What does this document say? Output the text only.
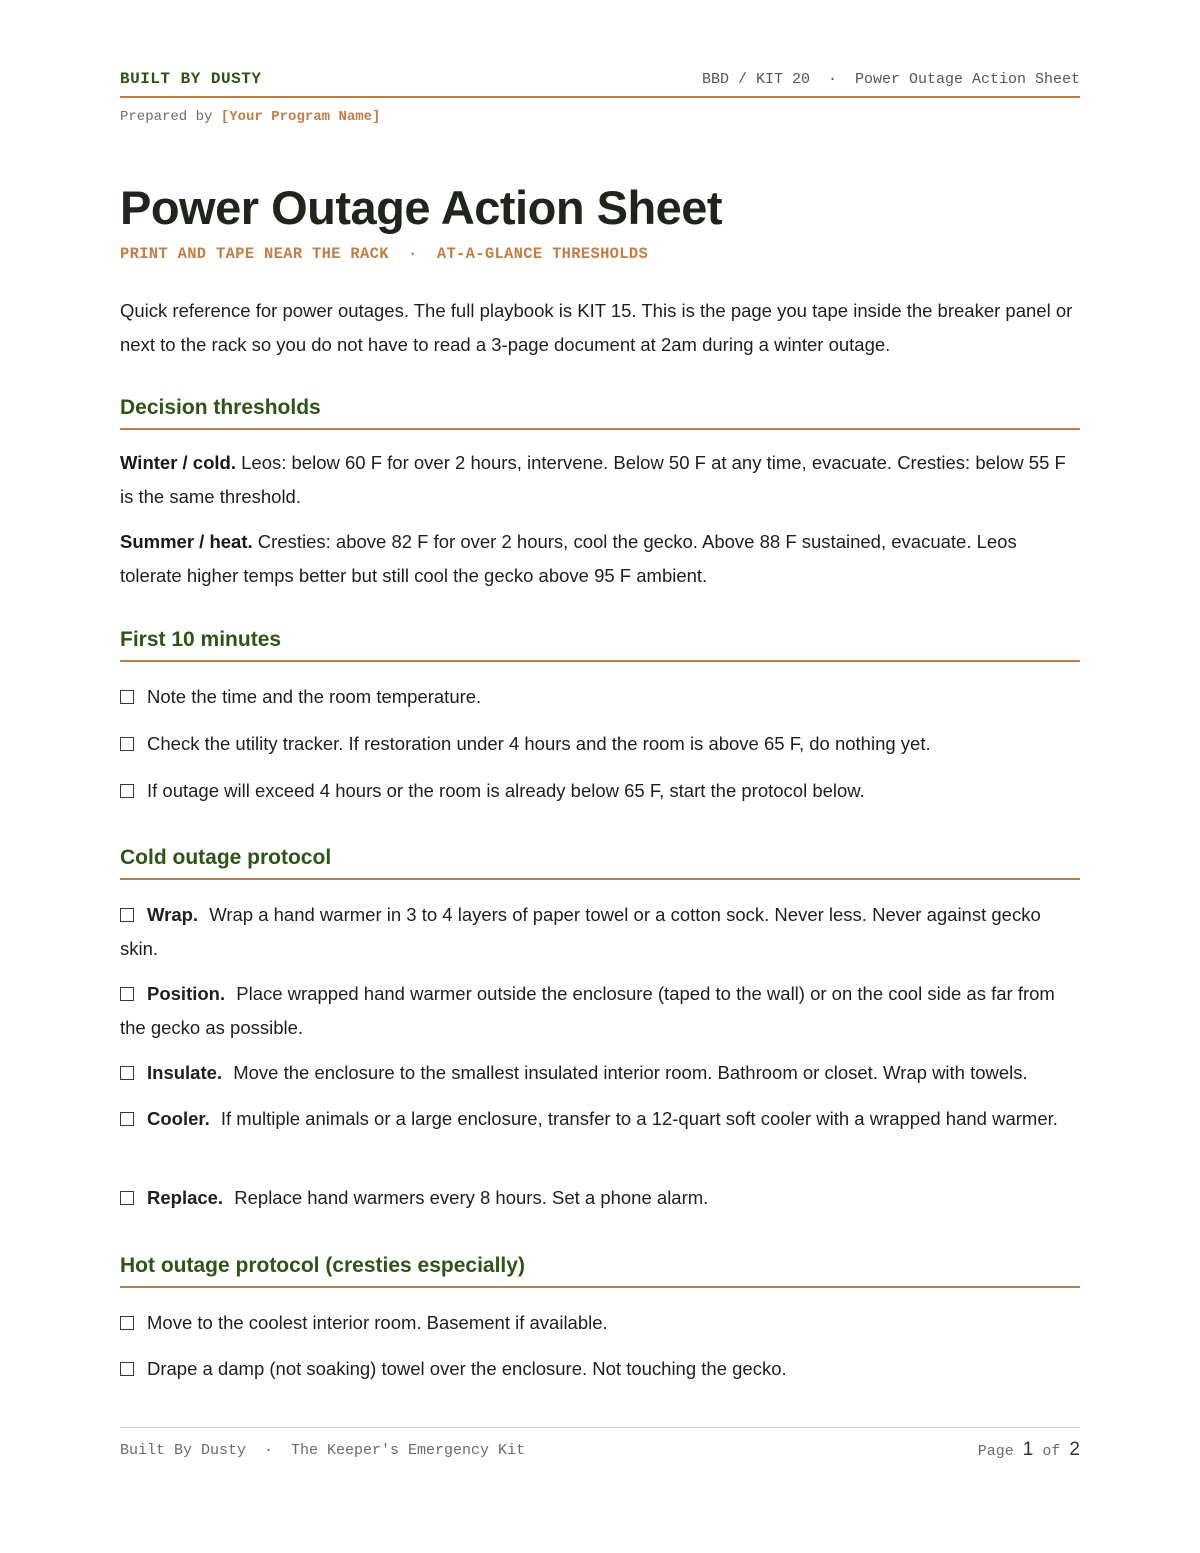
BUILT BY DUSTY	BBD / KIT 20  ·  Power Outage Action Sheet
Prepared by [Your Program Name]
Power Outage Action Sheet
PRINT AND TAPE NEAR THE RACK  ·  AT-A-GLANCE THRESHOLDS

Quick reference for power outages. The full playbook is KIT 15. This is the page you tape inside the breaker panel or next to the rack so you do not have to read a 3-page document at 2am during a winter outage.

Decision thresholds

Winter / cold. Leos: below 60 F for over 2 hours, intervene. Below 50 F at any time, evacuate. Cresties: below 55 F is the same threshold.

Summer / heat. Cresties: above 82 F for over 2 hours, cool the gecko. Above 88 F sustained, evacuate. Leos tolerate higher temps better but still cool the gecko above 95 F ambient.

First 10 minutes

Note the time and the room temperature.

Check the utility tracker. If restoration under 4 hours and the room is above 65 F, do nothing yet.

If outage will exceed 4 hours or the room is already below 65 F, start the protocol below.

Cold outage protocol

Wrap. Wrap a hand warmer in 3 to 4 layers of paper towel or a cotton sock. Never less. Never against gecko skin.

Position. Place wrapped hand warmer outside the enclosure (taped to the wall) or on the cool side as far from the gecko as possible.

Insulate. Move the enclosure to the smallest insulated interior room. Bathroom or closet. Wrap with towels.

Cooler. If multiple animals or a large enclosure, transfer to a 12-quart soft cooler with a wrapped hand warmer.

Replace. Replace hand warmers every 8 hours. Set a phone alarm.

Hot outage protocol (cresties especially)

Move to the coolest interior room. Basement if available.

Drape a damp (not soaking) towel over the enclosure. Not touching the gecko.

Built By Dusty  ·  The Keeper's Emergency Kit	Page 1 of 2
